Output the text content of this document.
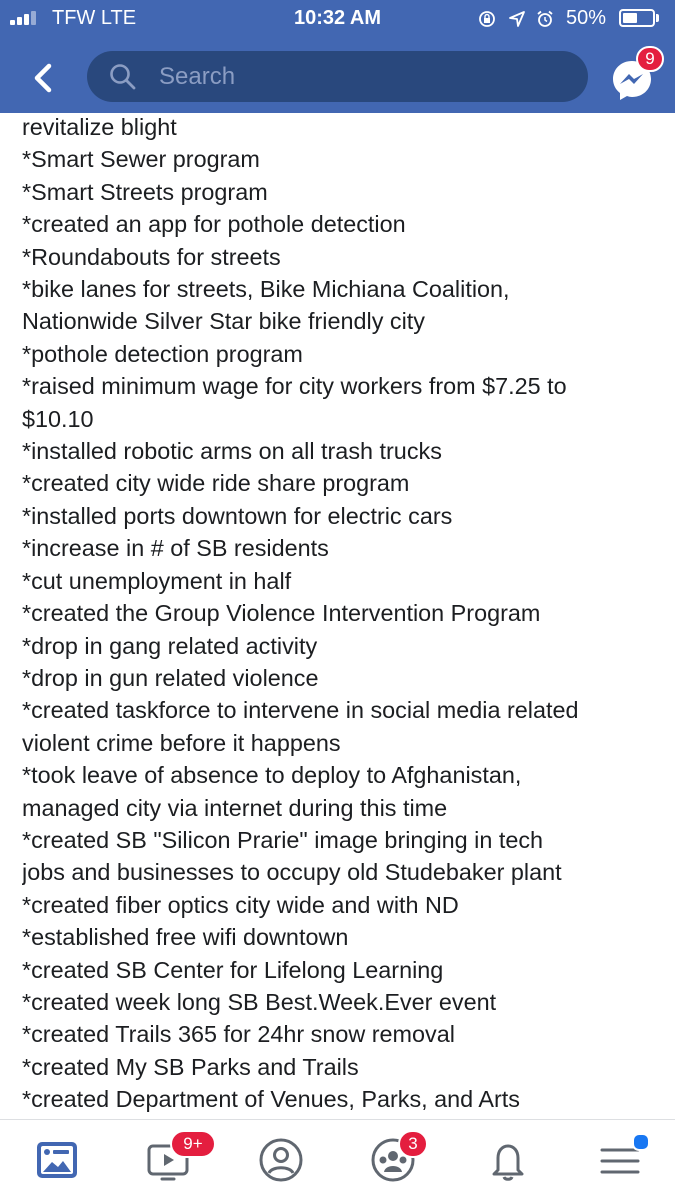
TFW LTE	10:32 AM	50%
Search
9
revitalize blight
*Smart Sewer program
*Smart Streets program
*created an app for pothole detection
*Roundabouts for streets
*bike lanes for streets, Bike Michiana Coalition,
Nationwide Silver Star bike friendly city
*pothole detection program
*raised minimum wage for city workers from $7.25 to
$10.10
*installed robotic arms on all trash trucks
*created city wide ride share program
*installed ports downtown for electric cars
*increase in # of SB residents
*cut unemployment in half
*created the Group Violence Intervention Program
*drop in gang related activity
*drop in gun related violence
*created taskforce to intervene in social media related
violent crime before it happens
*took leave of absence to deploy to Afghanistan,
managed city via internet during this time
*created SB "Silicon Prarie" image bringing in tech
jobs and businesses to occupy old Studebaker plant
*created fiber optics city wide and with ND
*established free wifi downtown
*created SB Center for Lifelong Learning
*created week long SB Best.Week.Ever event
*created Trails 365 for 24hr snow removal
*created My SB Parks and Trails
*created Department of Venues, Parks, and Arts
9+	3
